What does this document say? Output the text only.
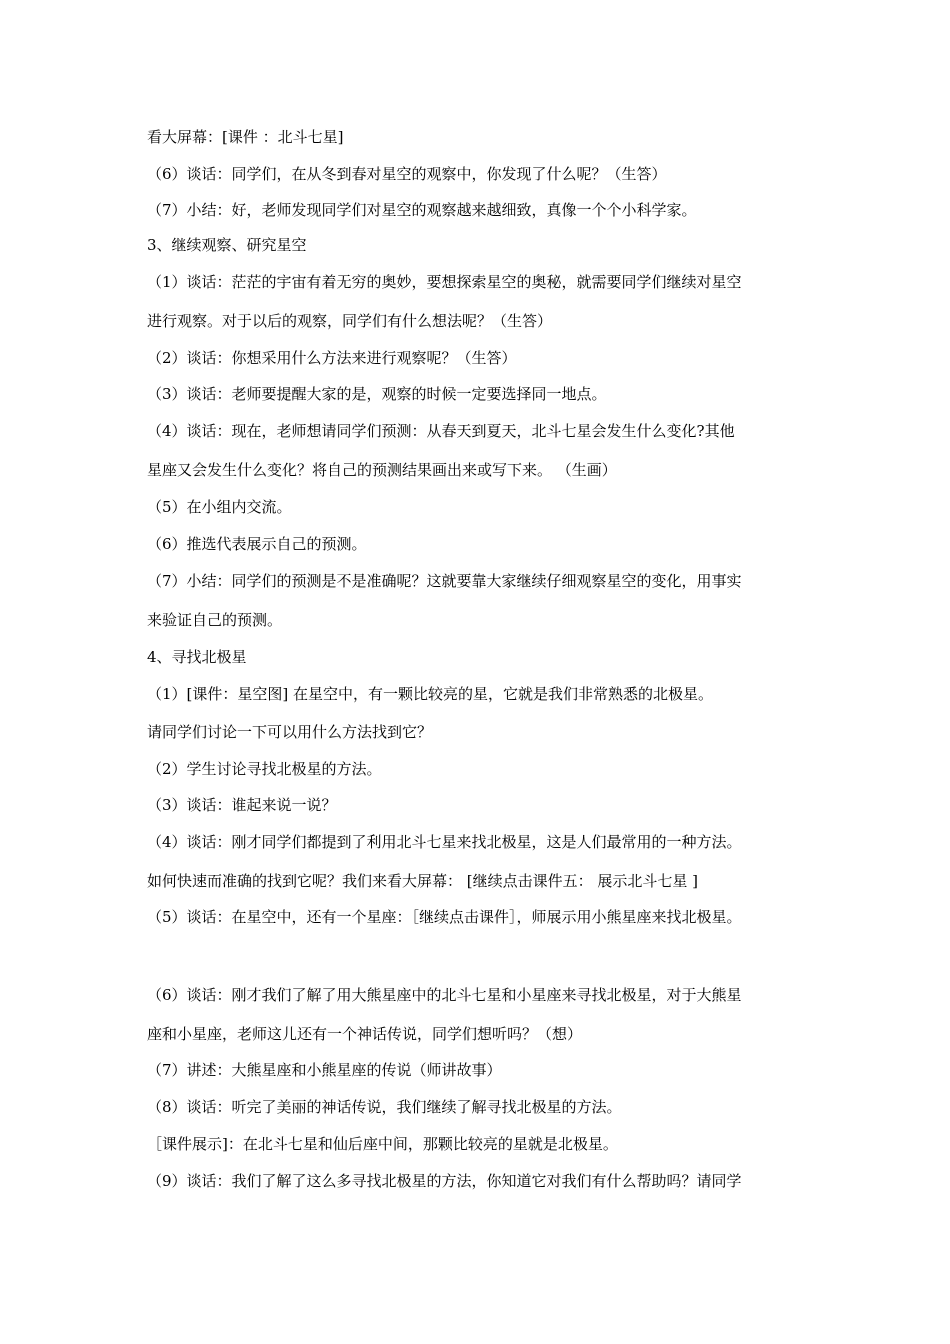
看大屏幕：[课件 ：北斗七星]
（6）谈话：同学们，在从冬到春对星空的观察中，你发现了什么呢？（生答）
（7）小结：好，老师发现同学们对星空的观察越来越细致，真像一个个小科学家。
3、继续观察、研究星空
（1）谈话：茫茫的宇宙有着无穷的奥妙，要想探索星空的奥秘，就需要同学们继续对星空
进行观察。对于以后的观察，同学们有什么想法呢？（生答）
（2）谈话：你想采用什么方法来进行观察呢？（生答）
（3）谈话：老师要提醒大家的是，观察的时候一定要选择同一地点。
（4）谈话：现在，老师想请同学们预测：从春天到夏天，北斗七星会发生什么变化?其他
星座又会发生什么变化？将自己的预测结果画出来或写下来。 （生画）
（5）在小组内交流。
（6）推选代表展示自己的预测。
（7）小结：同学们的预测是不是准确呢？这就要靠大家继续仔细观察星空的变化，用事实
来验证自己的预测。
4、寻找北极星
（1）[课件：星空图] 在星空中，有一颗比较亮的星，它就是我们非常熟悉的北极星。
请同学们讨论一下可以用什么方法找到它？
（2）学生讨论寻找北极星的方法。
（3）谈话：谁起来说一说？
（4）谈话：刚才同学们都提到了利用北斗七星来找北极星，这是人们最常用的一种方法。
如何快速而准确的找到它呢？我们来看大屏幕： [继续点击课件五： 展示北斗七星 ]
（5）谈话：在星空中，还有一个星座：［继续点击课件］，师展示用小熊星座来找北极星。
（6）谈话：刚才我们了解了用大熊星座中的北斗七星和小星座来寻找北极星，对于大熊星
座和小星座，老师这儿还有一个神话传说，同学们想听吗？（想）
（7）讲述：大熊星座和小熊星座的传说（师讲故事）
（8）谈话：听完了美丽的神话传说，我们继续了解寻找北极星的方法。
［课件展示]：在北斗七星和仙后座中间，那颗比较亮的星就是北极星。
（9）谈话：我们了解了这么多寻找北极星的方法，你知道它对我们有什么帮助吗？请同学
